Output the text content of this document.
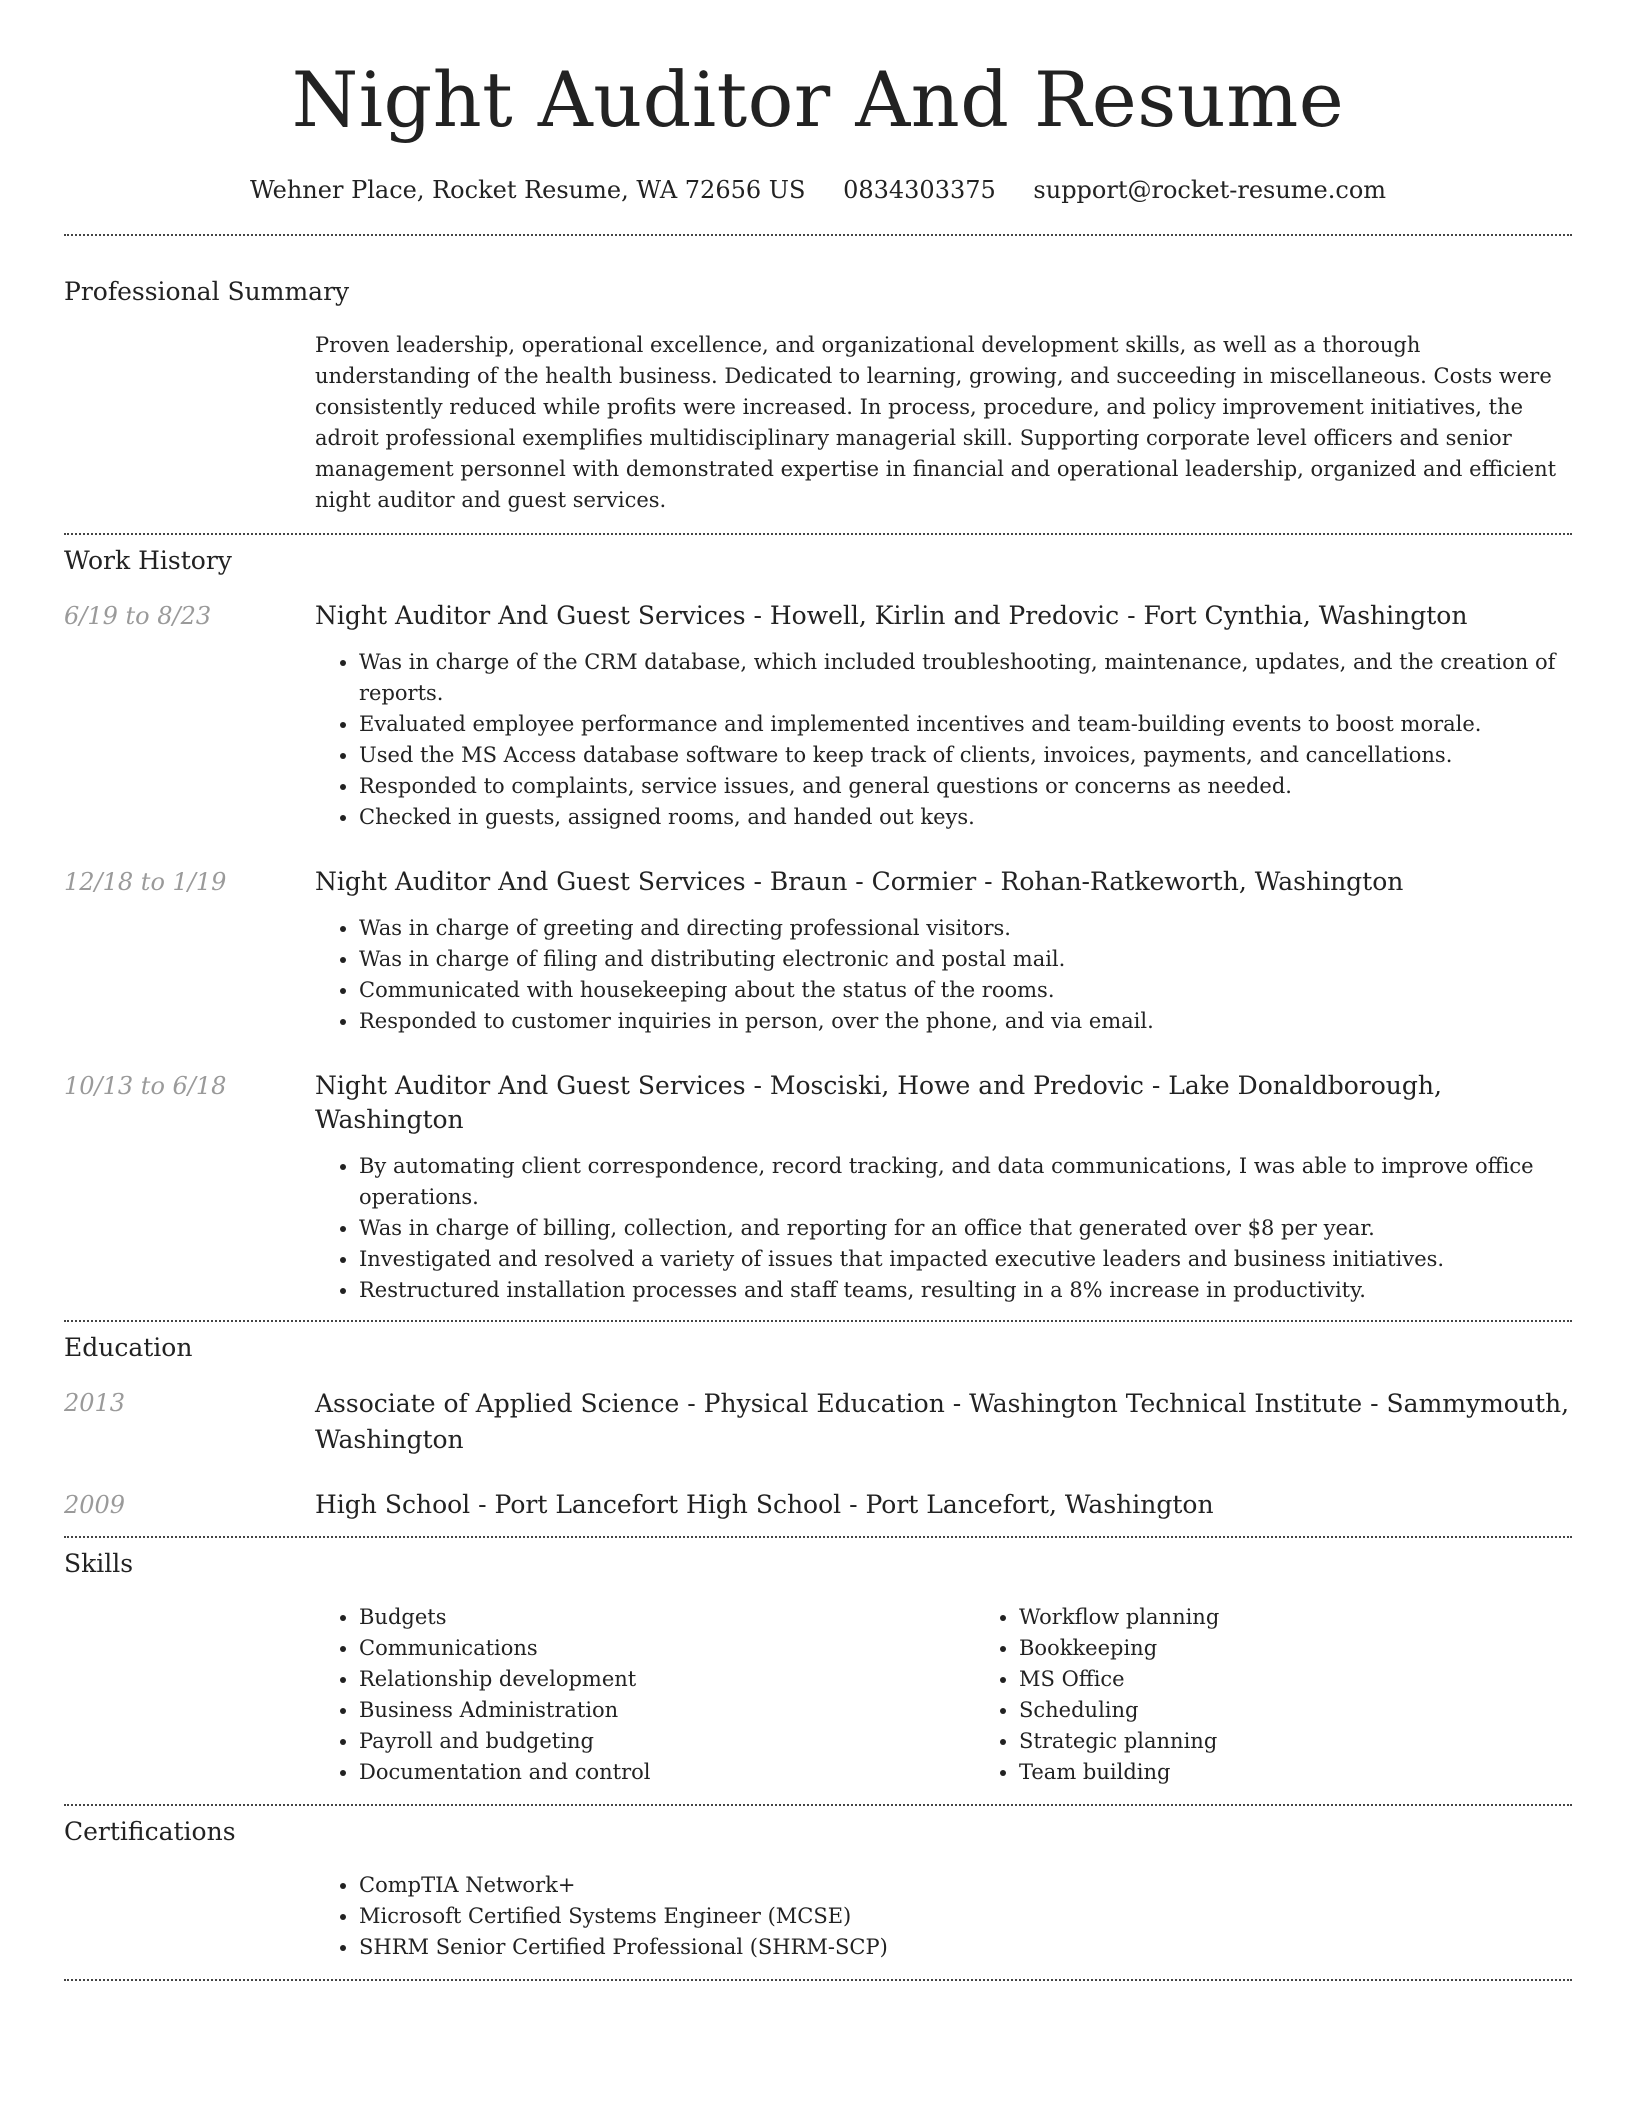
Night Auditor And Resume
Wehner Place, Rocket Resume, WA 72656 US 0834303375 support@rocket-resume.com
Professional Summary
Proven leadership, operational excellence, and organizational development skills, as well as a thorough understanding of the health business. Dedicated to learning, growing, and succeeding in miscellaneous. Costs were consistently reduced while profits were increased. In process, procedure, and policy improvement initiatives, the adroit professional exemplifies multidisciplinary managerial skill. Supporting corporate level officers and senior management personnel with demonstrated expertise in financial and operational leadership, organized and efficient night auditor and guest services.
Work History
6/19 to 8/23	Night Auditor And Guest Services - Howell, Kirlin and Predovic - Fort Cynthia, Washington
• Was in charge of the CRM database, which included troubleshooting, maintenance, updates, and the creation of reports.
• Evaluated employee performance and implemented incentives and team-building events to boost morale.
• Used the MS Access database software to keep track of clients, invoices, payments, and cancellations.
• Responded to complaints, service issues, and general questions or concerns as needed.
• Checked in guests, assigned rooms, and handed out keys.
12/18 to 1/19	Night Auditor And Guest Services - Braun - Cormier - Rohan-Ratkeworth, Washington
• Was in charge of greeting and directing professional visitors.
• Was in charge of filing and distributing electronic and postal mail.
• Communicated with housekeeping about the status of the rooms.
• Responded to customer inquiries in person, over the phone, and via email.
10/13 to 6/18	Night Auditor And Guest Services - Mosciski, Howe and Predovic - Lake Donaldborough, Washington
• By automating client correspondence, record tracking, and data communications, I was able to improve office operations.
• Was in charge of billing, collection, and reporting for an office that generated over $8 per year.
• Investigated and resolved a variety of issues that impacted executive leaders and business initiatives.
• Restructured installation processes and staff teams, resulting in a 8% increase in productivity.
Education
2013	Associate of Applied Science - Physical Education - Washington Technical Institute - Sammymouth, Washington
2009	High School - Port Lancefort High School - Port Lancefort, Washington
Skills
• Budgets
• Communications
• Relationship development
• Business Administration
• Payroll and budgeting
• Documentation and control
• Workflow planning
• Bookkeeping
• MS Office
• Scheduling
• Strategic planning
• Team building
Certifications
• CompTIA Network+
• Microsoft Certified Systems Engineer (MCSE)
• SHRM Senior Certified Professional (SHRM-SCP)
